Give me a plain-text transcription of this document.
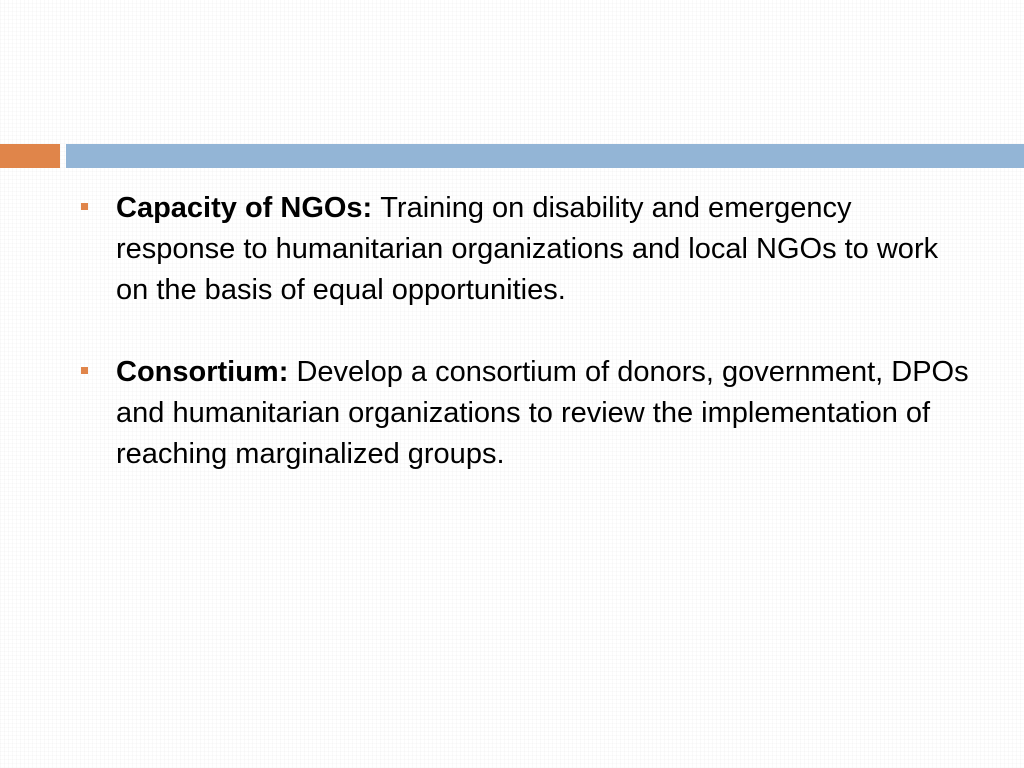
Capacity of NGOs: Training on disability and emergency response to humanitarian organizations and local NGOs to work on the basis of equal opportunities.
Consortium: Develop a consortium of donors, government, DPOs and humanitarian organizations to review the implementation of reaching marginalized groups.
